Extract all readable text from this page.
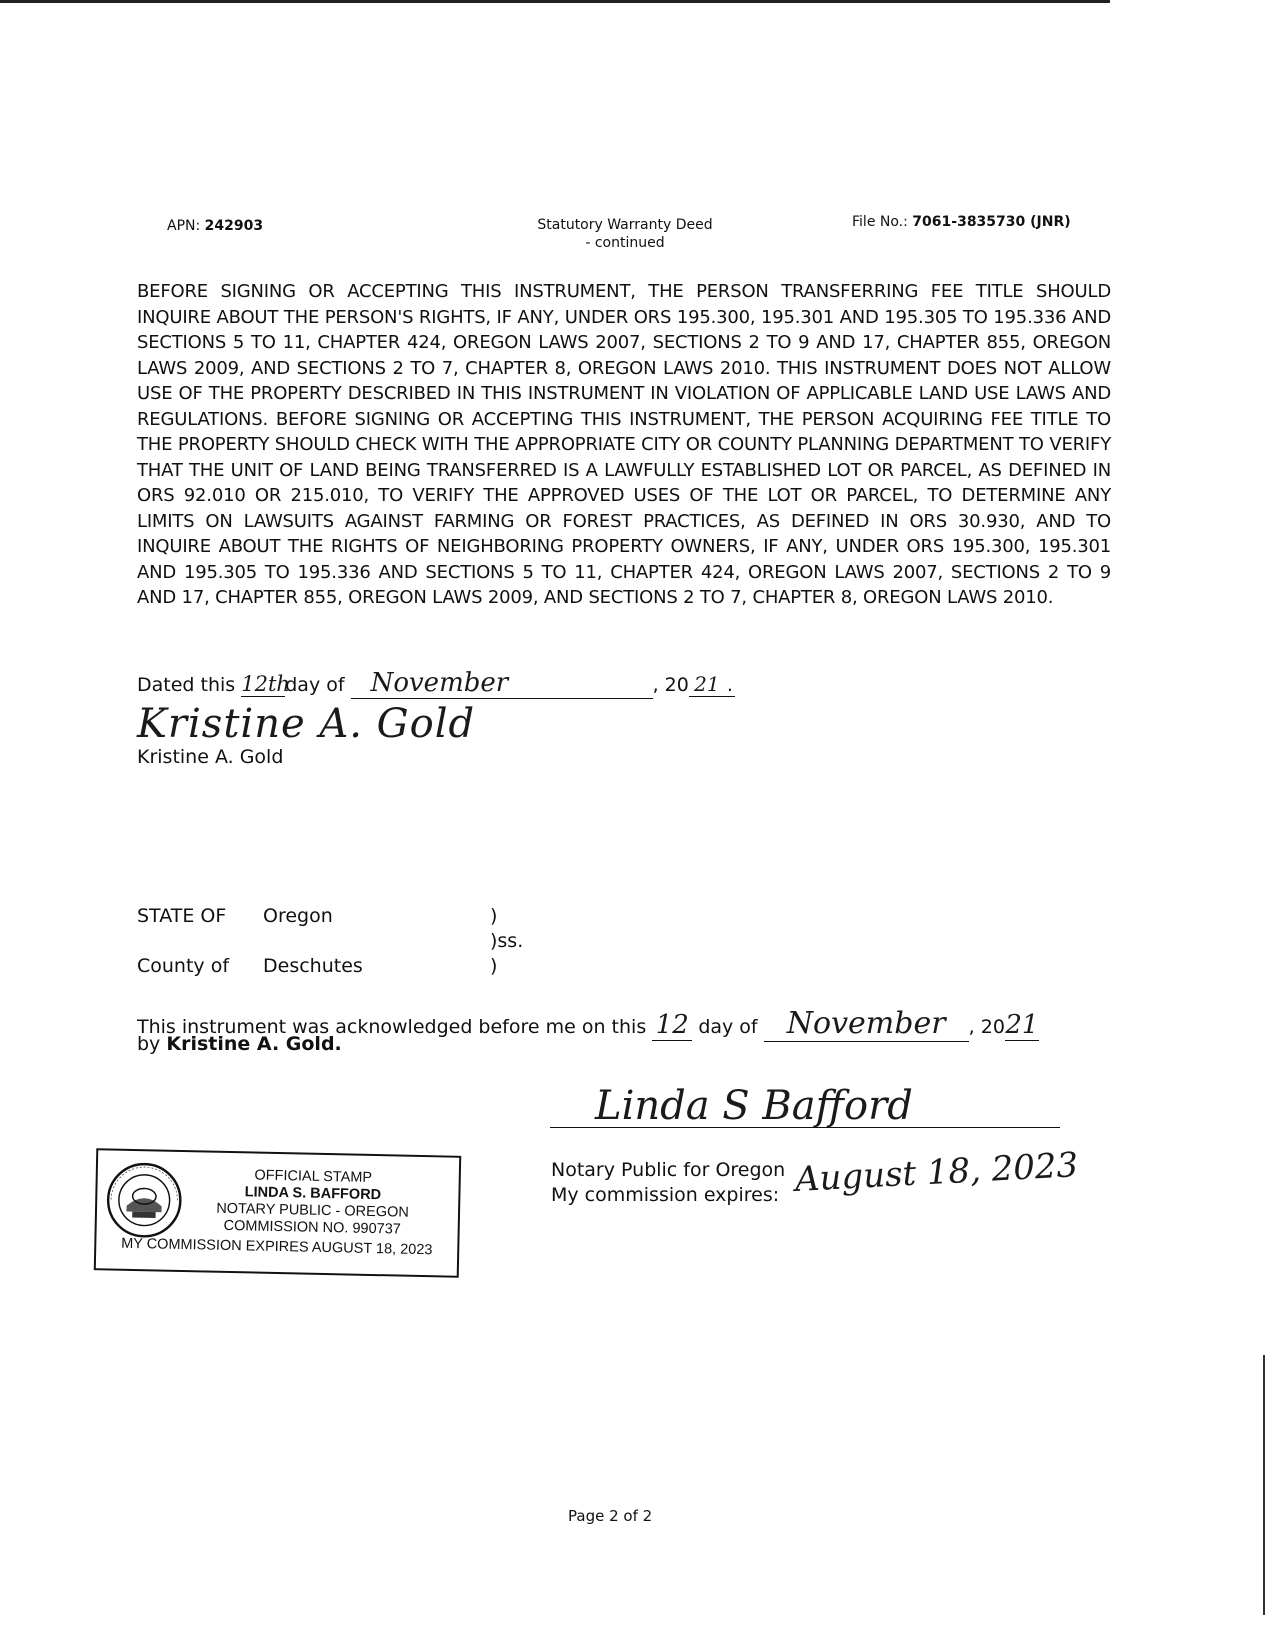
APN: 242903	Statutory Warranty Deed
- continued
File No.: 7061-3835730 (JNR)
BEFORE SIGNING OR ACCEPTING THIS INSTRUMENT, THE PERSON TRANSFERRING FEE TITLE SHOULD INQUIRE ABOUT THE PERSON'S RIGHTS, IF ANY, UNDER ORS 195.300, 195.301 AND 195.305 TO 195.336 AND SECTIONS 5 TO 11, CHAPTER 424, OREGON LAWS 2007, SECTIONS 2 TO 9 AND 17, CHAPTER 855, OREGON LAWS 2009, AND SECTIONS 2 TO 7, CHAPTER 8, OREGON LAWS 2010. THIS INSTRUMENT DOES NOT ALLOW USE OF THE PROPERTY DESCRIBED IN THIS INSTRUMENT IN VIOLATION OF APPLICABLE LAND USE LAWS AND REGULATIONS. BEFORE SIGNING OR ACCEPTING THIS INSTRUMENT, THE PERSON ACQUIRING FEE TITLE TO THE PROPERTY SHOULD CHECK WITH THE APPROPRIATE CITY OR COUNTY PLANNING DEPARTMENT TO VERIFY THAT THE UNIT OF LAND BEING TRANSFERRED IS A LAWFULLY ESTABLISHED LOT OR PARCEL, AS DEFINED IN ORS 92.010 OR 215.010, TO VERIFY THE APPROVED USES OF THE LOT OR PARCEL, TO DETERMINE ANY LIMITS ON LAWSUITS AGAINST FARMING OR FOREST PRACTICES, AS DEFINED IN ORS 30.930, AND TO INQUIRE ABOUT THE RIGHTS OF NEIGHBORING PROPERTY OWNERS, IF ANY, UNDER ORS 195.300, 195.301 AND 195.305 TO 195.336 AND SECTIONS 5 TO 11, CHAPTER 424, OREGON LAWS 2007, SECTIONS 2 TO 9 AND 17, CHAPTER 855, OREGON LAWS 2009, AND SECTIONS 2 TO 7, CHAPTER 8, OREGON LAWS 2010.
Dated this 12thday of November	, 20 21 .
Kristine A. Gold
Kristine A. Gold
STATE OF Oregon	)
)ss.
County of Deschutes	)
This instrument was acknowledged before me on this 12 day of November , 2021
by Kristine A. Gold.
Linda S Bafford
Notary Public for Oregon
My commission expires: August 18, 2023
OFFICIAL STAMP
LINDA S. BAFFORD
NOTARY PUBLIC - OREGON
COMMISSION NO. 990737
MY COMMISSION EXPIRES AUGUST 18, 2023
Page 2 of 2
